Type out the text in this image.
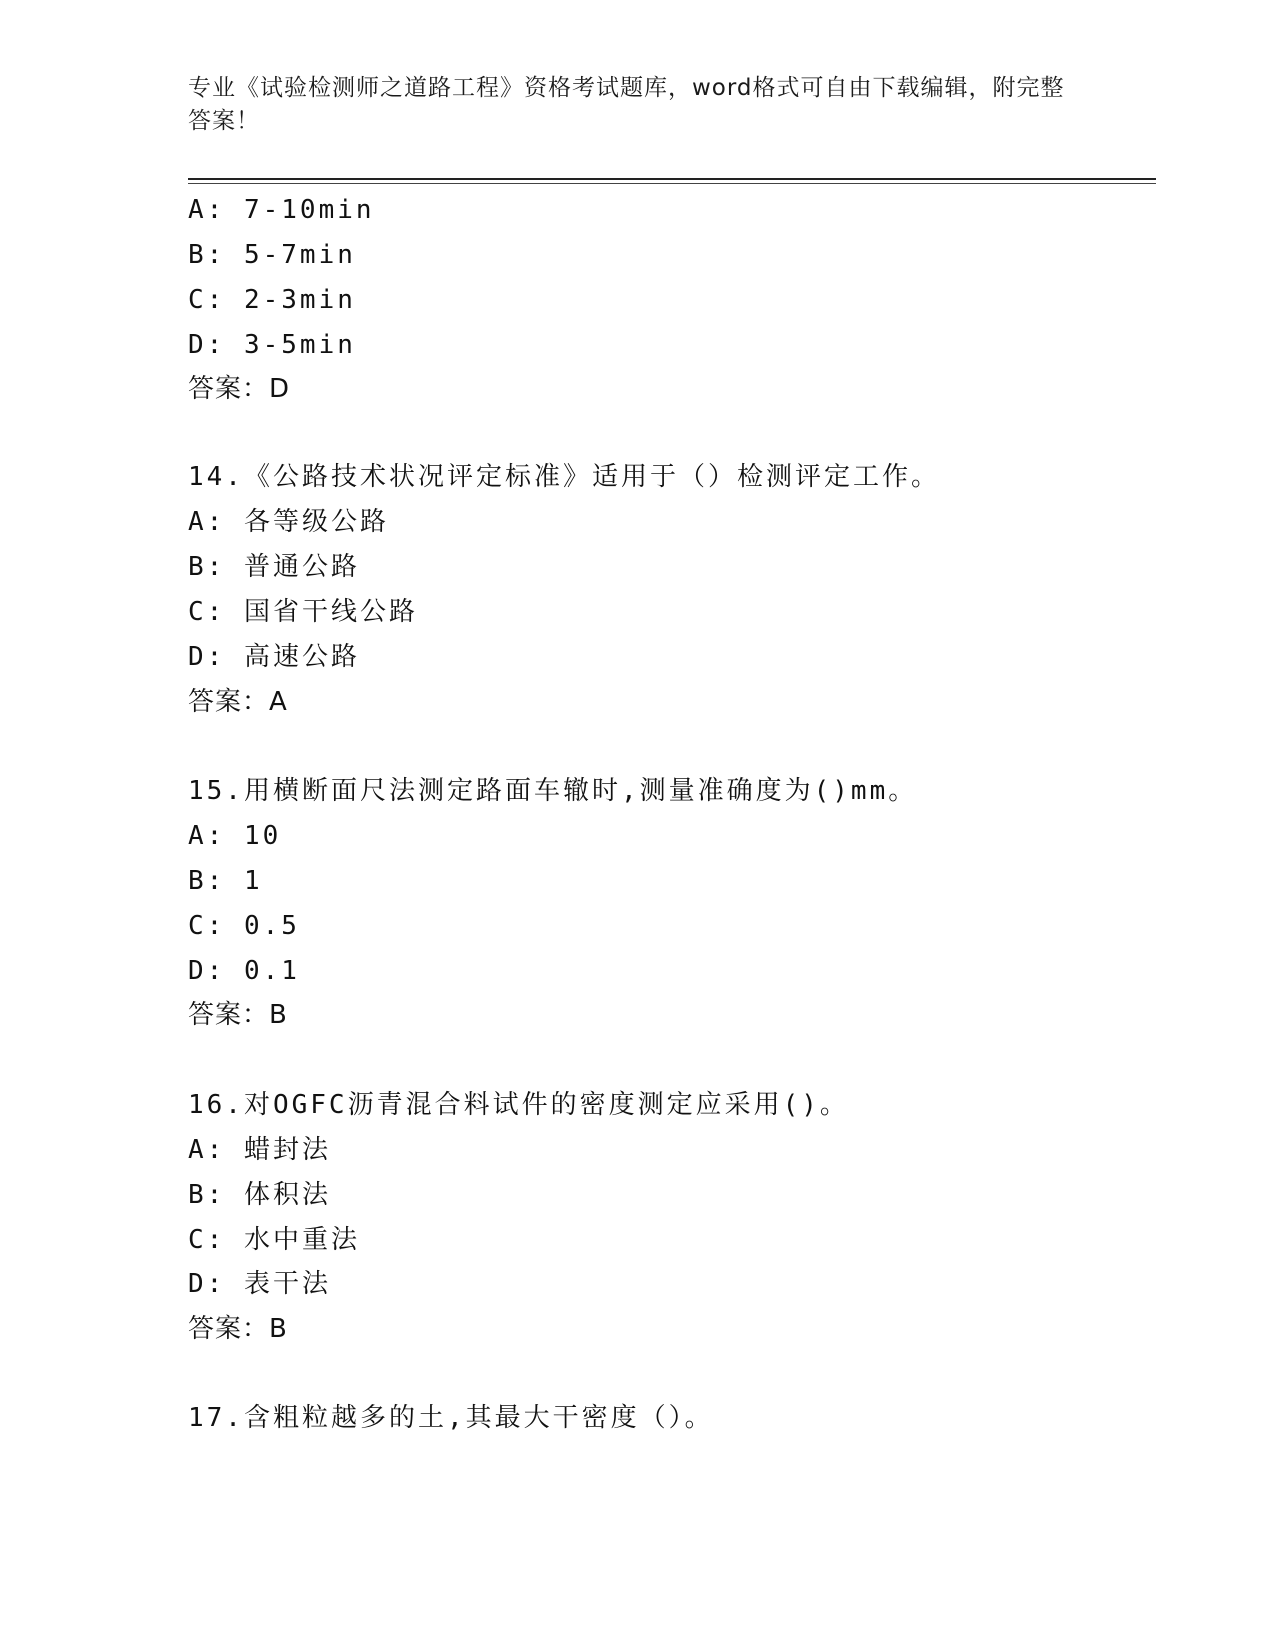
专业《试验检测师之道路工程》资格考试题库，word格式可自由下载编辑，附完整答案！
A: 7-10min
B: 5-7min
C: 2-3min
D: 3-5min
答案：D
14.《公路技术状况评定标准》适用于（）检测评定工作。
A: 各等级公路
B: 普通公路
C: 国省干线公路
D: 高速公路
答案：A
15.用横断面尺法测定路面车辙时,测量准确度为()mm。
A: 10
B: 1
C: 0.5
D: 0.1
答案：B
16.对OGFC沥青混合料试件的密度测定应采用()。
A: 蜡封法
B: 体积法
C: 水中重法
D: 表干法
答案：B
17.含粗粒越多的土,其最大干密度（）。
